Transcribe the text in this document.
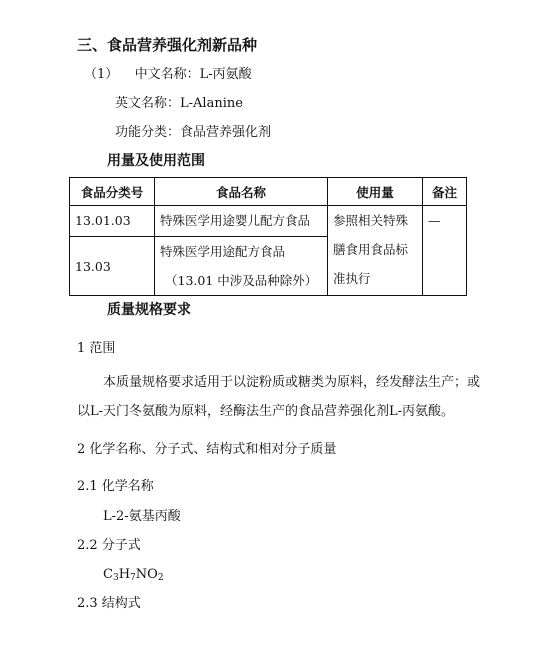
三、食品营养强化剂新品种
（1） 中文名称：L-丙氨酸
英文名称：L-Alanine
功能分类：食品营养强化剂
用量及使用范围
食品分类号	食品名称	使用量	备注
13.01.03	特殊医学用途婴儿配方食品	参照相关特殊
膳食用食品标
准执行	—
13.03	特殊医学用途配方食品
（13.01 中涉及品种除外）		
质量规格要求
1 范围
本质量规格要求适用于以淀粉质或糖类为原料，经发酵法生产；或
以L-天门冬氨酸为原料，经酶法生产的食品营养强化剂L-丙氨酸。
2 化学名称、分子式、结构式和相对分子质量
2.1 化学名称
L-2-氨基丙酸
2.2 分子式
$C_3H_7NO_2$
2.3 结构式
